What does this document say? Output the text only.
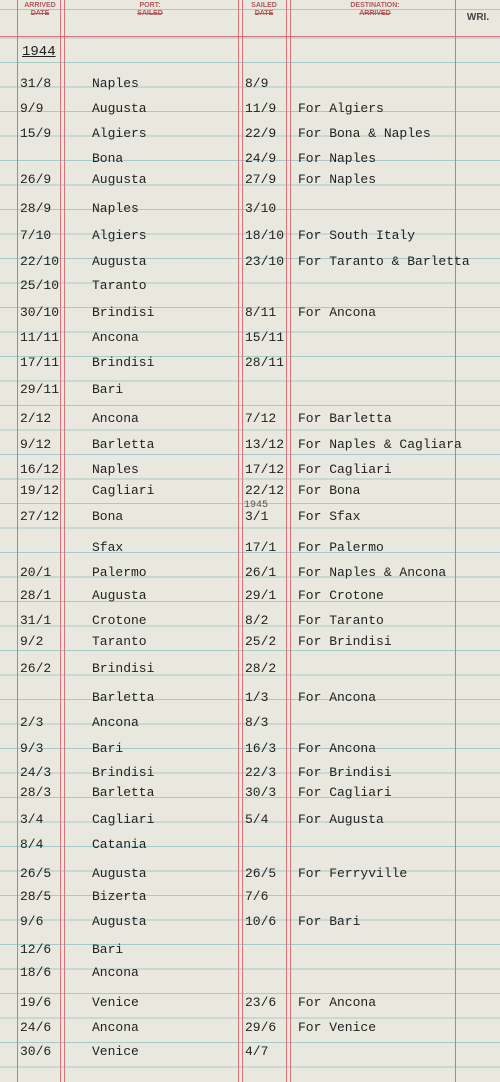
ARRIVED
DATE
PORT:
SAILED
SAILED
DATE
DESTINATION:
ARRIVED	WRI.
1944
1945
31/8	Naples	8/9
9/9	Augusta	11/9 For Algiers
15/9	Algiers	22/9 For Bona & Naples
Bona	24/9 For Naples
26/9	Augusta	27/9 For Naples
28/9	Naples	3/10
7/10	Algiers	18/10 For South Italy
22/10	Augusta	23/10 For Taranto & Barletta
25/10	Taranto
30/10	Brindisi	8/11 For Ancona
11/11	Ancona	15/11
17/11	Brindisi	28/11
29/11	Bari
2/12	Ancona	7/12 For Barletta
9/12	Barletta	13/12 For Naples & Cagliara
16/12	Naples	17/12 For Cagliari
19/12	Cagliari	22/12 For Bona
27/12	Bona	3/1 For Sfax
Sfax	17/1 For Palermo
20/1	Palermo	26/1 For Naples & Ancona
28/1	Augusta	29/1 For Crotone
31/1	Crotone	8/2 For Taranto
9/2	Taranto	25/2 For Brindisi
26/2	Brindisi	28/2
Barletta	1/3 For Ancona
2/3	Ancona	8/3
9/3	Bari	16/3 For Ancona
24/3	Brindisi	22/3 For Brindisi
28/3	Barletta	30/3 For Cagliari
3/4	Cagliari	5/4 For Augusta
8/4	Catania
26/5	Augusta	26/5 For Ferryville
28/5	Bizerta	7/6
9/6	Augusta	10/6 For Bari
12/6	Bari
18/6	Ancona
19/6	Venice	23/6 For Ancona
24/6	Ancona	29/6 For Venice
30/6	Venice	4/7
